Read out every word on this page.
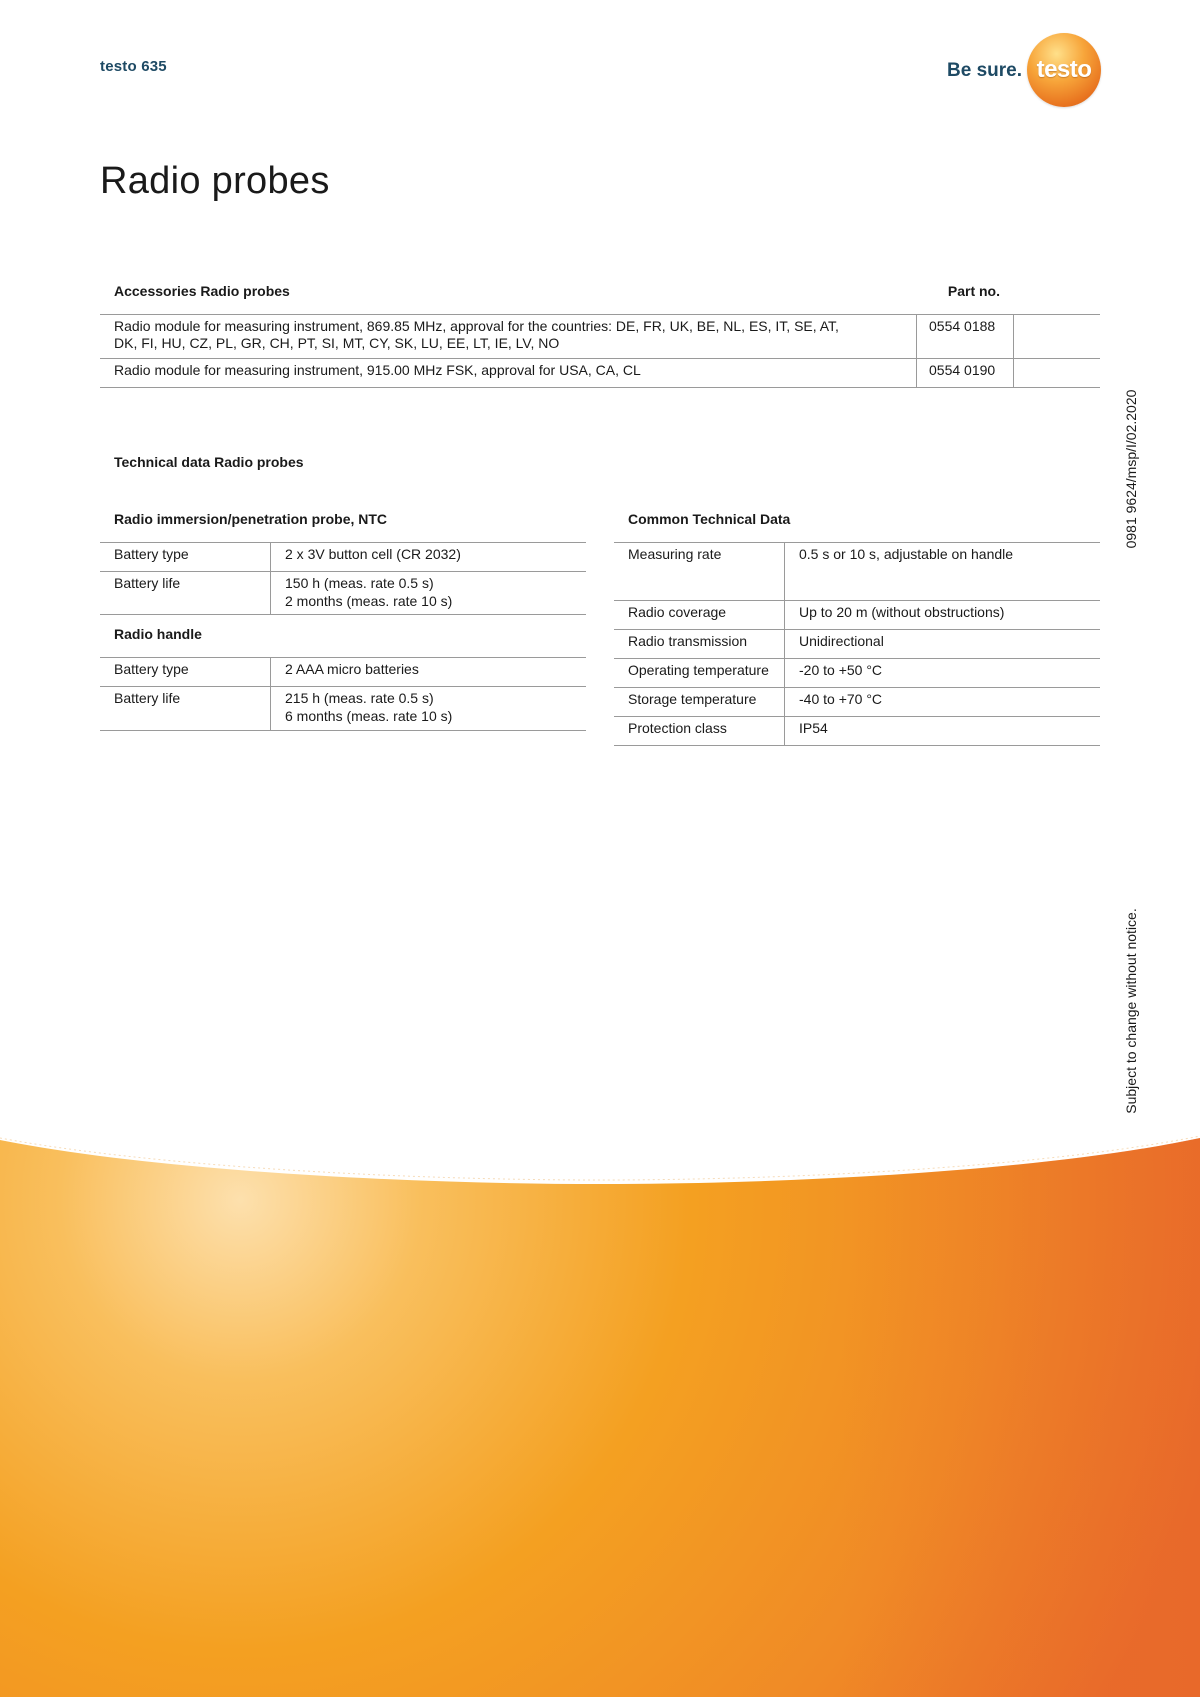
testo 635	Be sure. testo
Radio probes
0981 9624/msp/I/02.2020
Subject to change without notice.
Accessories Radio probes	Part no.
Radio module for measuring instrument, 869.85 MHz, approval for the countries: DE, FR, UK, BE, NL, ES, IT, SE, AT,
DK, FI, HU, CZ, PL, GR, CH, PT, SI, MT, CY, SK, LU, EE, LT, IE, LV, NO
0554 0188
Radio module for measuring instrument, 915.00 MHz FSK, approval for USA, CA, CL	0554 0190
Technical data Radio probes
Radio immersion/penetration probe, NTC
Battery type	2 x 3V button cell (CR 2032)
Battery life	150 h (meas. rate 0.5 s)
2 months (meas. rate 10 s)
Radio handle
Battery type	2 AAA micro batteries
Battery life	215 h (meas. rate 0.5 s)
6 months (meas. rate 10 s)
Common Technical Data
Measuring rate	0.5 s or 10 s, adjustable on handle
Radio coverage	Up to 20 m (without obstructions)
Radio transmission	Unidirectional
Operating temperature	-20 to +50 °C
Storage temperature	-40 to +70 °C
Protection class	IP54
